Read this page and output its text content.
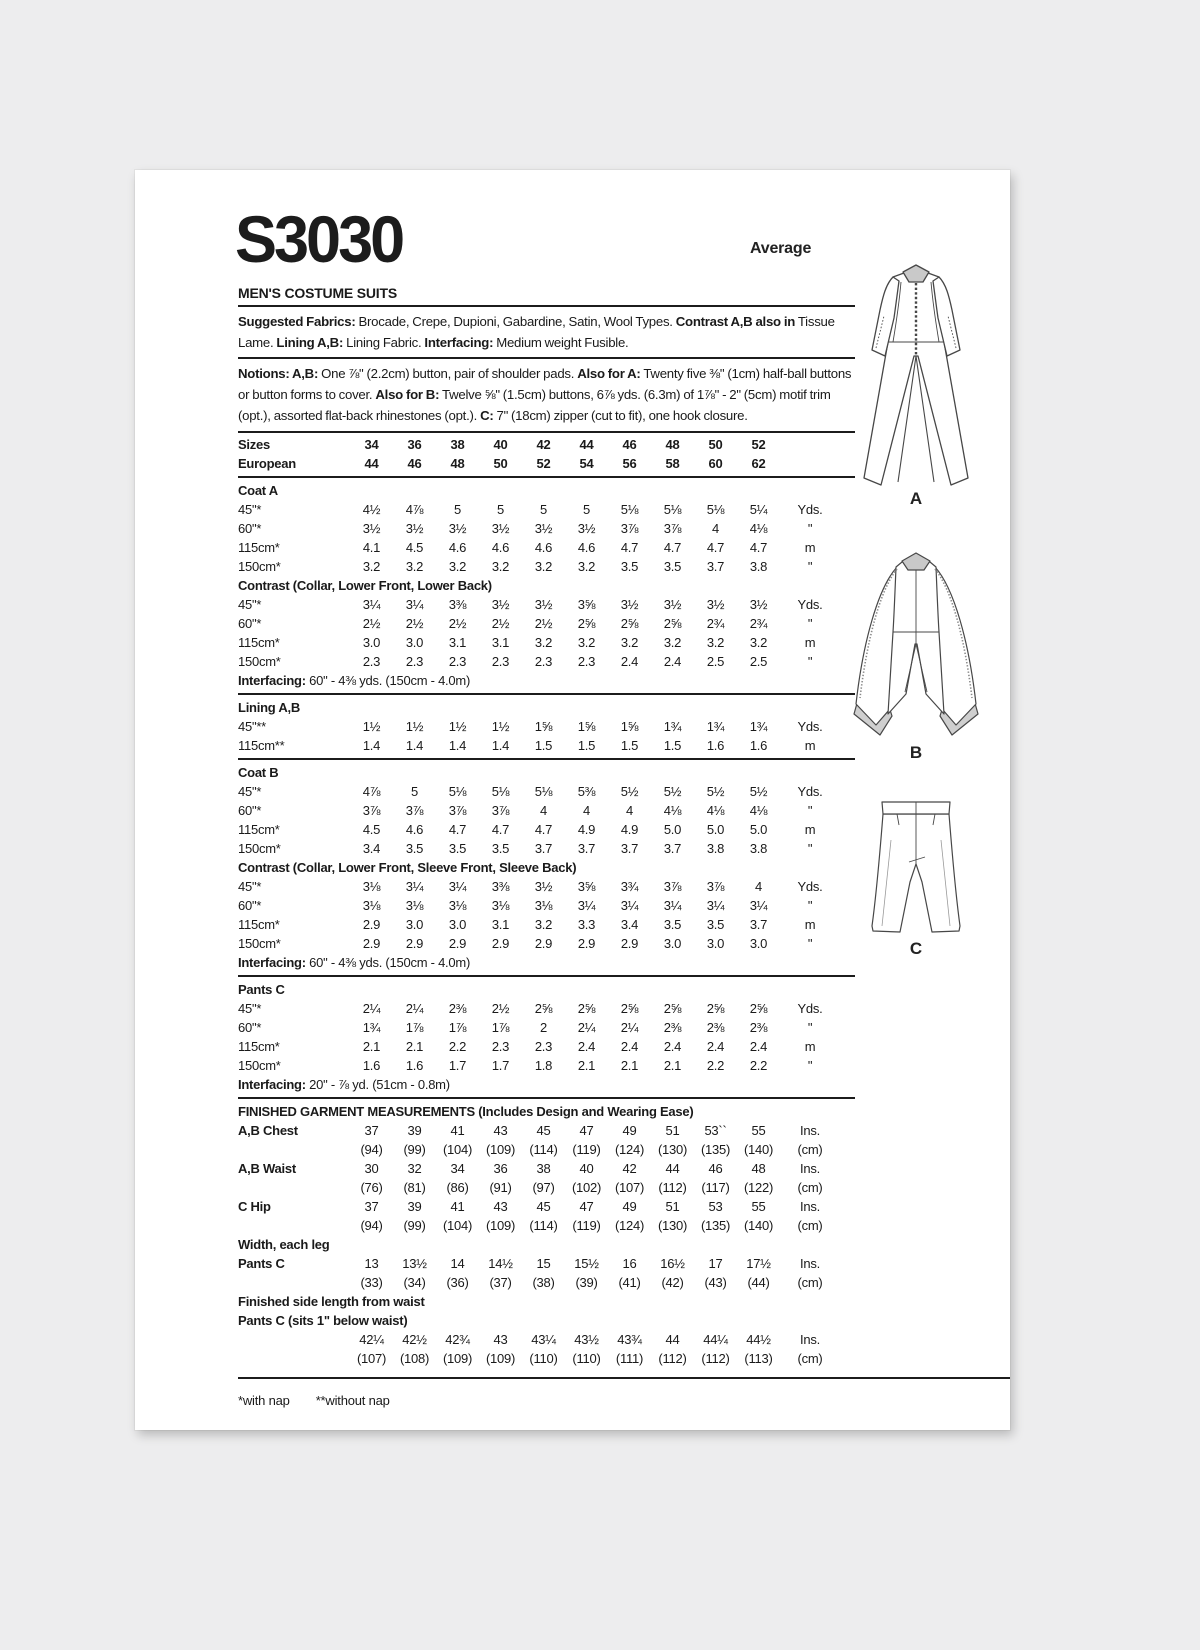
S3030	Average
MEN'S COSTUME SUITS

Suggested Fabrics: Brocade, Crepe, Dupioni, Gabardine, Satin, Wool Types. Contrast A,B also in Tissue Lame. Lining A,B: Lining Fabric. Interfacing: Medium weight Fusible.

Notions: A,B: One ⅞" (2.2cm) button, pair of shoulder pads. Also for A: Twenty five ⅜" (1cm) half-ball buttons or button forms to cover. Also for B: Twelve ⅝" (1.5cm) buttons, 6⅞ yds. (6.3m) of 1⅞" - 2" (5cm) motif trim (opt.), assorted flat-back rhinestones (opt.). C: 7" (18cm) zipper (cut to fit), one hook closure.

Sizes	34	36	38	40	42	44	46	48	50	52
European	44	46	48	50	52	54	56	58	60	62
Coat A
45"*	4½	4⅞	5	5	5	5	5⅛	5⅛	5⅛	5¼	Yds.
60"*	3½	3½	3½	3½	3½	3½	3⅞	3⅞	4	4⅛	"
115cm*	4.1	4.5	4.6	4.6	4.6	4.6	4.7	4.7	4.7	4.7	m
150cm*	3.2	3.2	3.2	3.2	3.2	3.2	3.5	3.5	3.7	3.8	"
Contrast (Collar, Lower Front, Lower Back)
45"*	3¼	3¼	3⅜	3½	3½	3⅝	3½	3½	3½	3½	Yds.
60"*	2½	2½	2½	2½	2½	2⅝	2⅝	2⅝	2¾	2¾	"
115cm*	3.0	3.0	3.1	3.1	3.2	3.2	3.2	3.2	3.2	3.2	m
150cm*	2.3	2.3	2.3	2.3	2.3	2.3	2.4	2.4	2.5	2.5	"
Interfacing: 60" - 4⅜ yds. (150cm - 4.0m)
Lining A,B
45"**	1½	1½	1½	1½	1⅝	1⅝	1⅝	1¾	1¾	1¾	Yds.
115cm**	1.4	1.4	1.4	1.4	1.5	1.5	1.5	1.5	1.6	1.6	m
Coat B
45"*	4⅞	5	5⅛	5⅛	5⅛	5⅜	5½	5½	5½	5½	Yds.
60"*	3⅞	3⅞	3⅞	3⅞	4	4	4	4⅛	4⅛	4⅛	"
115cm*	4.5	4.6	4.7	4.7	4.7	4.9	4.9	5.0	5.0	5.0	m
150cm*	3.4	3.5	3.5	3.5	3.7	3.7	3.7	3.7	3.8	3.8	"
Contrast (Collar, Lower Front, Sleeve Front, Sleeve Back)
45"*	3⅛	3¼	3¼	3⅜	3½	3⅝	3¾	3⅞	3⅞	4	Yds.
60"*	3⅛	3⅛	3⅛	3⅛	3⅛	3¼	3¼	3¼	3¼	3¼	"
115cm*	2.9	3.0	3.0	3.1	3.2	3.3	3.4	3.5	3.5	3.7	m
150cm*	2.9	2.9	2.9	2.9	2.9	2.9	2.9	3.0	3.0	3.0	"
Interfacing: 60" - 4⅜ yds. (150cm - 4.0m)
Pants C
45"*	2¼	2¼	2⅜	2½	2⅝	2⅝	2⅝	2⅝	2⅝	2⅝	Yds.
60"*	1¾	1⅞	1⅞	1⅞	2	2¼	2¼	2⅜	2⅜	2⅜	"
115cm*	2.1	2.1	2.2	2.3	2.3	2.4	2.4	2.4	2.4	2.4	m
150cm*	1.6	1.6	1.7	1.7	1.8	2.1	2.1	2.1	2.2	2.2	"
Interfacing: 20" - ⅞ yd. (51cm - 0.8m)
FINISHED GARMENT MEASUREMENTS (Includes Design and Wearing Ease)
A,B Chest	37	39	41	43	45	47	49	51	53``	55	Ins.
(94)	(99)	(104)	(109)	(114)	(119)	(124)	(130)	(135)	(140)	(cm)
A,B Waist	30	32	34	36	38	40	42	44	46	48	Ins.
(76)	(81)	(86)	(91)	(97)	(102)	(107)	(112)	(117)	(122)	(cm)
C Hip	37	39	41	43	45	47	49	51	53	55	Ins.
(94)	(99)	(104)	(109)	(114)	(119)	(124)	(130)	(135)	(140)	(cm)
Width, each leg
Pants C	13	13½	14	14½	15	15½	16	16½	17	17½	Ins.
(33)	(34)	(36)	(37)	(38)	(39)	(41)	(42)	(43)	(44)	(cm)
Finished side length from waist
Pants C (sits 1" below waist)
42¼	42½	42¾	43	43¼	43½	43¾	44	44¼	44½	Ins.
(107)	(108)	(109)	(109)	(110)	(110)	(111)	(112)	(112)	(113)	(cm)
*with nap **without nap
A
B
C
